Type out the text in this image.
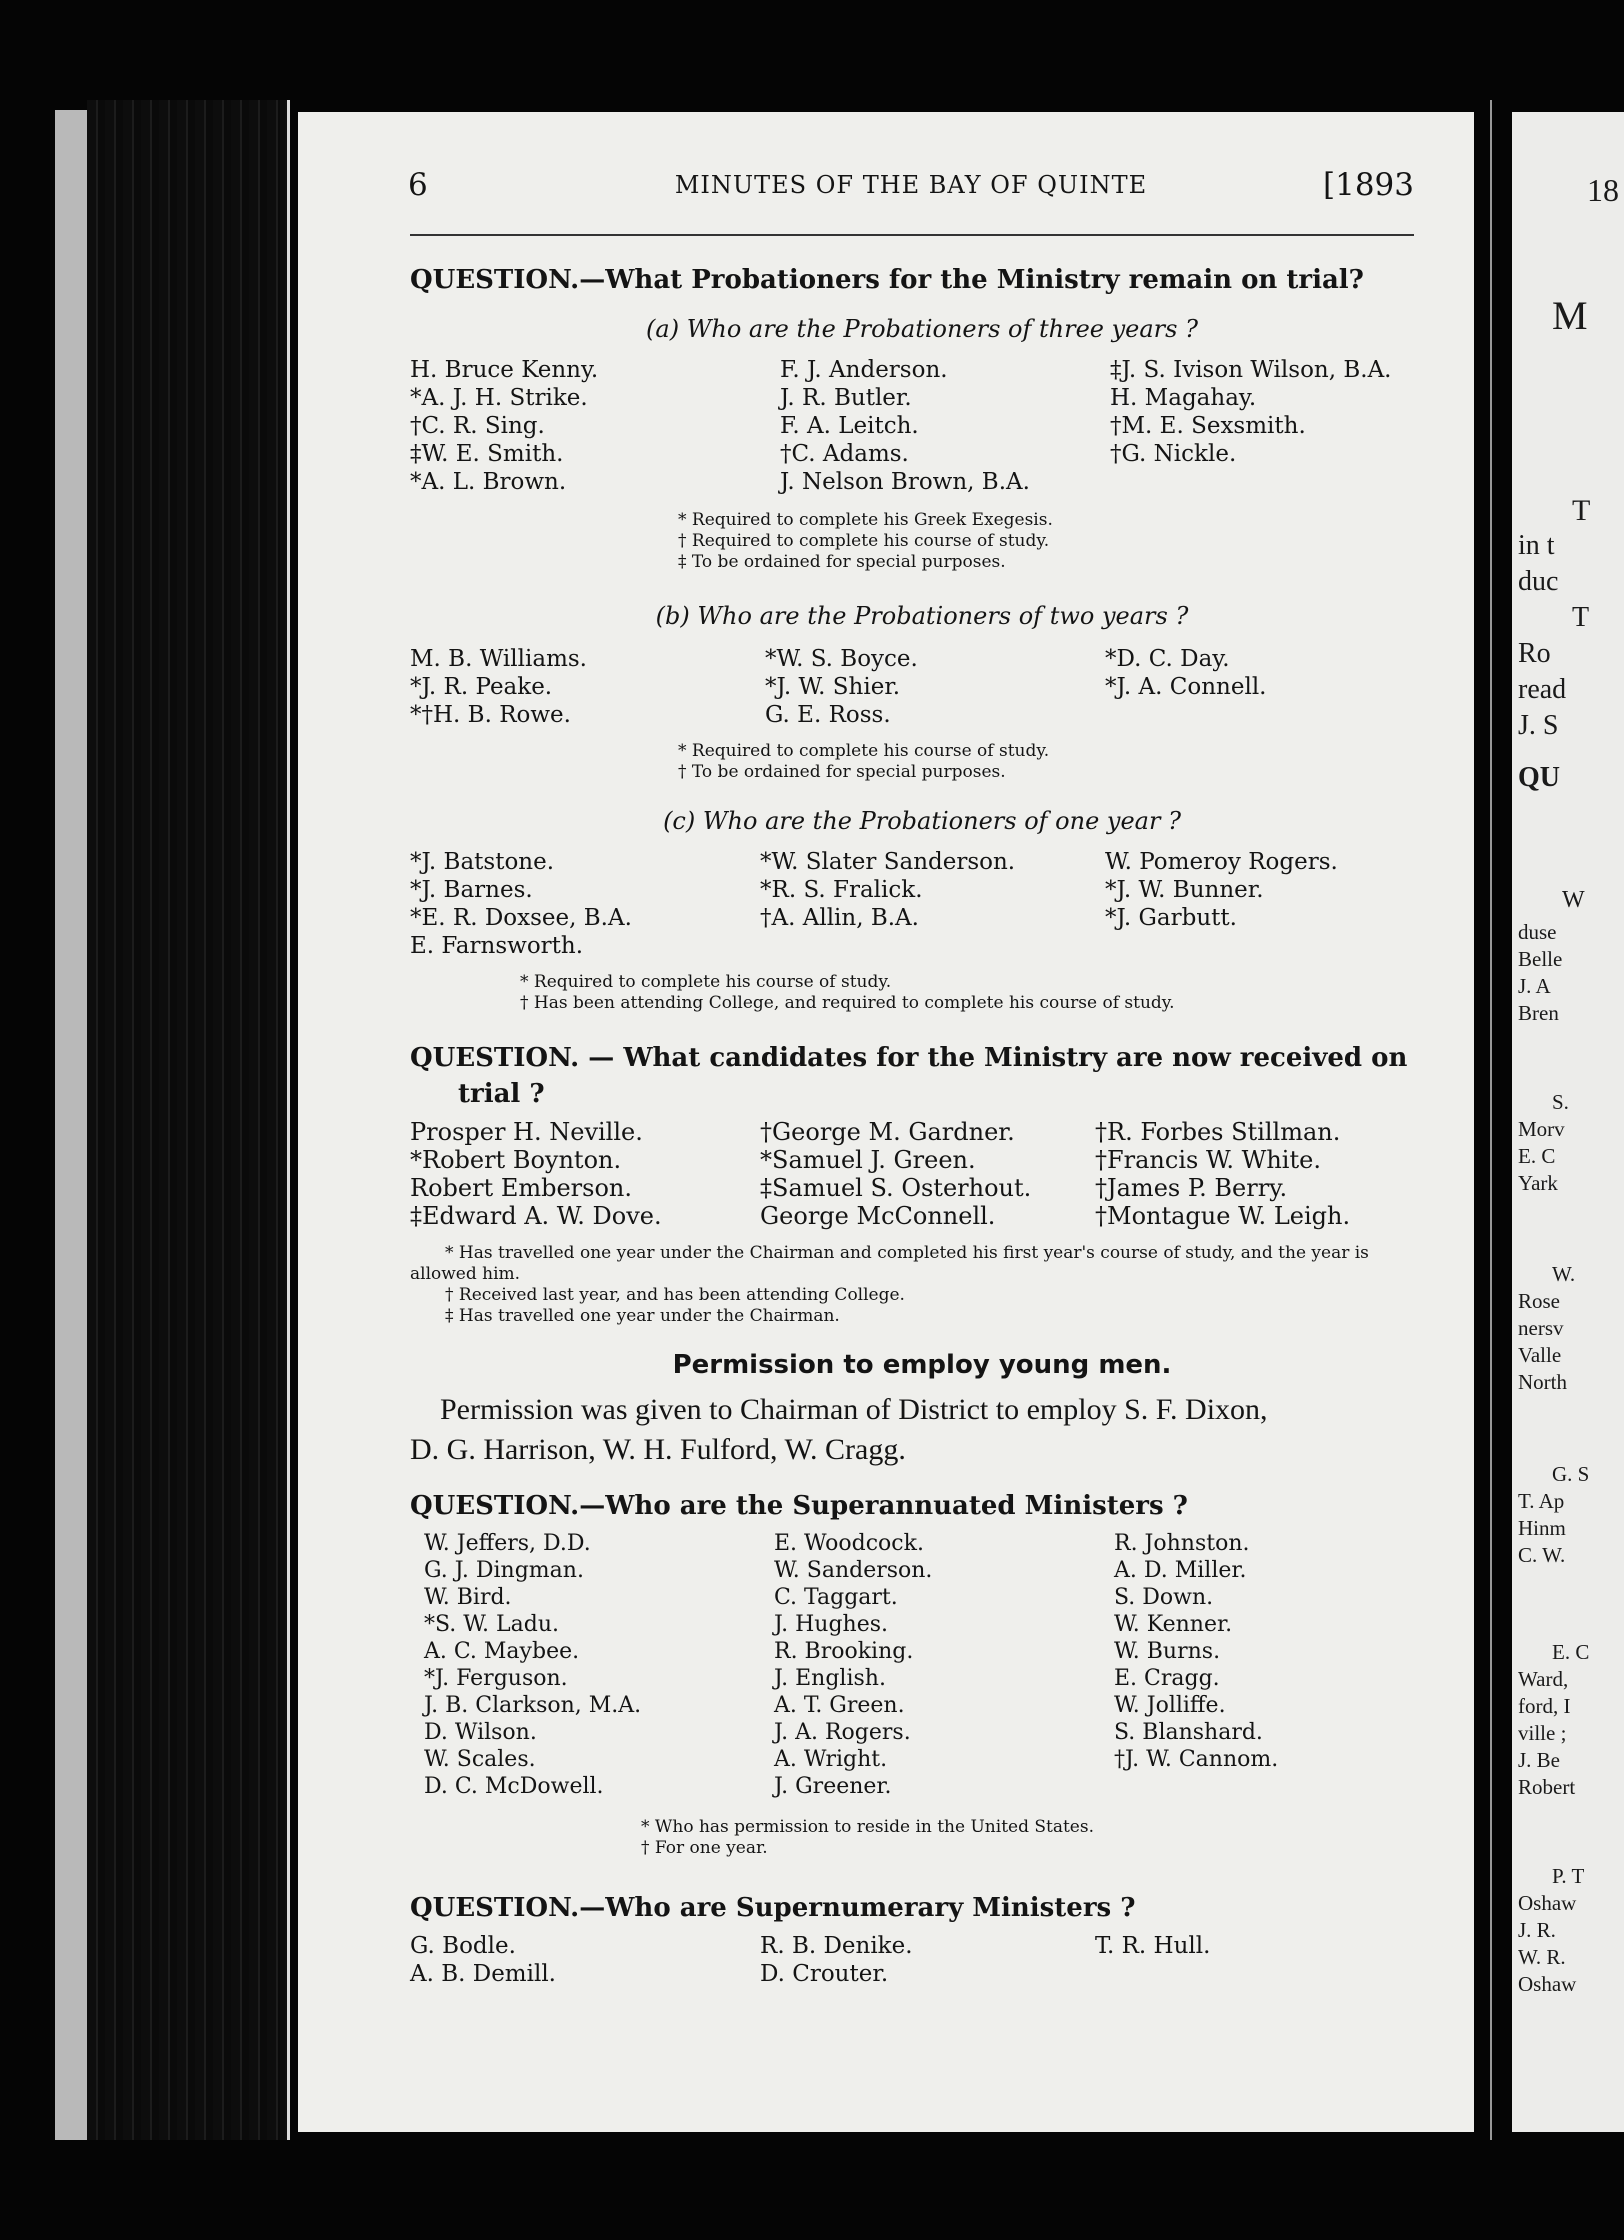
6	MINUTES OF THE BAY OF QUINTE	[1893
QUESTION.—What Probationers for the Ministry remain on trial?
(a) Who are the Probationers of three years ?
H. Bruce Kenny.
*A. J. H. Strike.
†C. R. Sing.
‡W. E. Smith.
*A. L. Brown.
F. J. Anderson.
J. R. Butler.
F. A. Leitch.
†C. Adams.
J. Nelson Brown, B.A.
‡J. S. Ivison Wilson, B.A.
H. Magahay.
†M. E. Sexsmith.
†G. Nickle.
* Required to complete his Greek Exegesis.
† Required to complete his course of study.
‡ To be ordained for special purposes.
(b) Who are the Probationers of two years ?
M. B. Williams.
*J. R. Peake.
*†H. B. Rowe.
*W. S. Boyce.
*J. W. Shier.
G. E. Ross.
*D. C. Day.
*J. A. Connell.
* Required to complete his course of study.
† To be ordained for special purposes.
(c) Who are the Probationers of one year ?
*J. Batstone.
*J. Barnes.
*E. R. Doxsee, B.A.
E. Farnsworth.
*W. Slater Sanderson.
*R. S. Fralick.
†A. Allin, B.A.
W. Pomeroy Rogers.
*J. W. Bunner.
*J. Garbutt.
* Required to complete his course of study.
† Has been attending College, and required to complete his course of study.
QUESTION. — What candidates for the Ministry are now received on
trial ?
Prosper H. Neville.
*Robert Boynton.
Robert Emberson.
‡Edward A. W. Dove.
†George M. Gardner.
*Samuel J. Green.
‡Samuel S. Osterhout.
George McConnell.
†R. Forbes Stillman.
†Francis W. White.
†James P. Berry.
†Montague W. Leigh.
* Has travelled one year under the Chairman and completed his first year's course of study, and the year is allowed him.
† Received last year, and has been attending College.
‡ Has travelled one year under the Chairman.
Permission to employ young men.
Permission was given to Chairman of District to employ S. F. Dixon,
D. G. Harrison, W. H. Fulford, W. Cragg.
QUESTION.—Who are the Superannuated Ministers ?
W. Jeffers, D.D.
G. J. Dingman.
W. Bird.
*S. W. Ladu.
A. C. Maybee.
*J. Ferguson.
J. B. Clarkson, M.A.
D. Wilson.
W. Scales.
D. C. McDowell.
E. Woodcock.
W. Sanderson.
C. Taggart.
J. Hughes.
R. Brooking.
J. English.
A. T. Green.
J. A. Rogers.
A. Wright.
J. Greener.
R. Johnston.
A. D. Miller.
S. Down.
W. Kenner.
W. Burns.
E. Cragg.
W. Jolliffe.
S. Blanshard.
†J. W. Cannom.
* Who has permission to reside in the United States.
† For one year.
QUESTION.—Who are Supernumerary Ministers ?
G. Bodle.
A. B. Demill.
R. B. Denike.
D. Crouter.
T. R. Hull.
18
M
T
in t
duc
T
Ro
read
J. S
QU
W
duse
Belle
J. A
Bren
S.
Morv
E. C
Yark
W.
Rose
nersv
Valle
North
G. S
T. Ap
Hinm
C. W.
E. C
Ward,
ford, I
ville ;
J. Be
Robert
P. T
Oshaw
J. R.
W. R.
Oshaw
